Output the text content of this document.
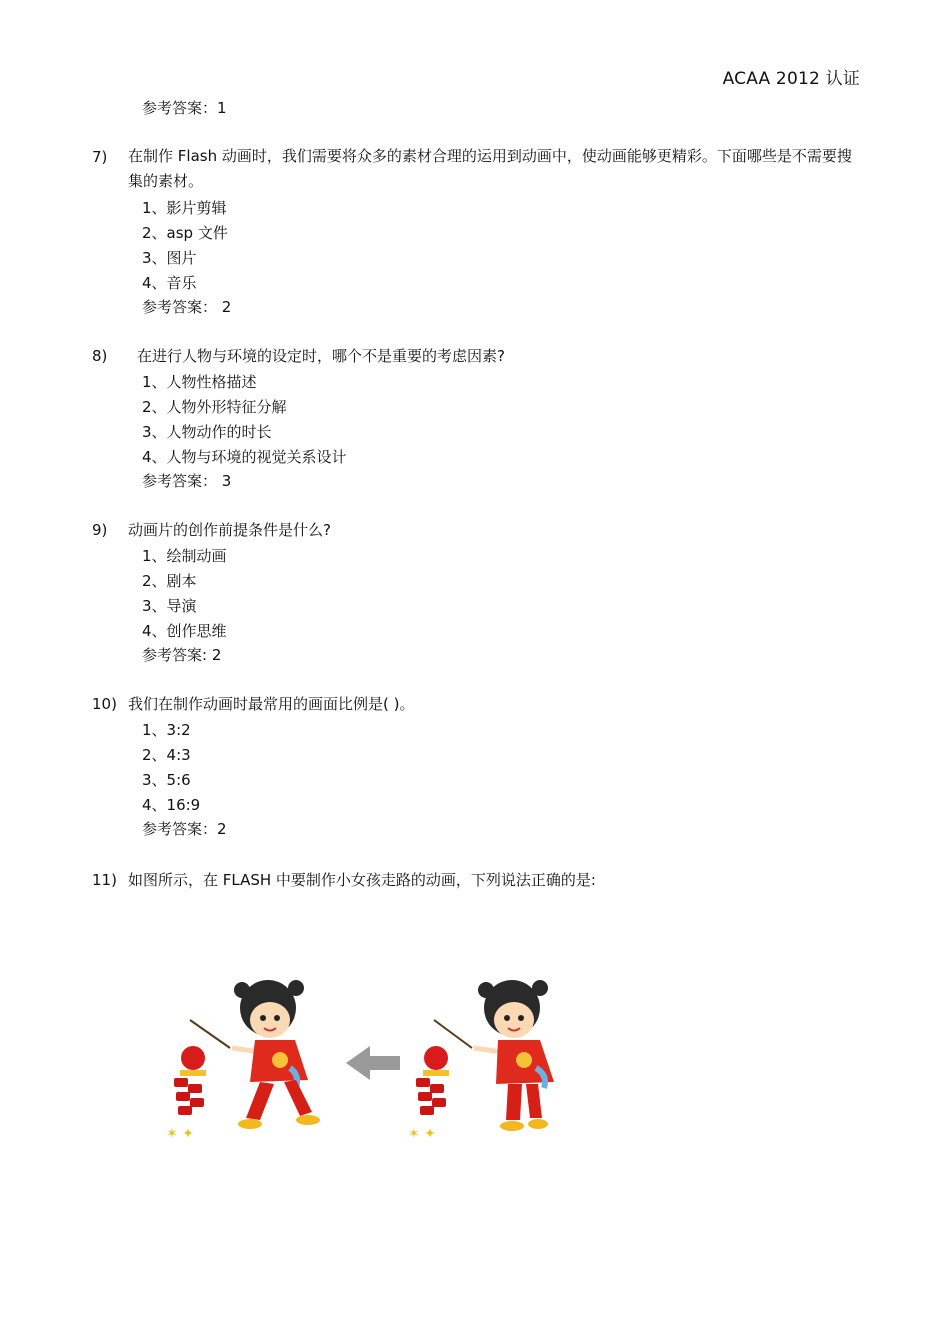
ACAA 2012 认证
参考答案：1
7) 在制作 Flash 动画时，我们需要将众多的素材合理的运用到动画中，使动画能够更精彩。下面哪些是不需要搜集的素材。
1、影片剪辑
2、asp 文件
3、图片
4、音乐
参考答案： 2
8) 在进行人物与环境的设定时，哪个不是重要的考虑因素?
1、人物性格描述
2、人物外形特征分解
3、人物动作的时长
4、人物与环境的视觉关系设计
参考答案： 3
9) 动画片的创作前提条件是什么?
1、绘制动画
2、剧本
3、导演
4、创作思维
参考答案: 2
10) 我们在制作动画时最常用的画面比例是( )。
1、3:2
2、4:3
3、5:6
4、16:9
参考答案：2
11) 如图所示，在 FLASH 中要制作小女孩走路的动画，下列说法正确的是:
✶ ✦	✶ ✦
